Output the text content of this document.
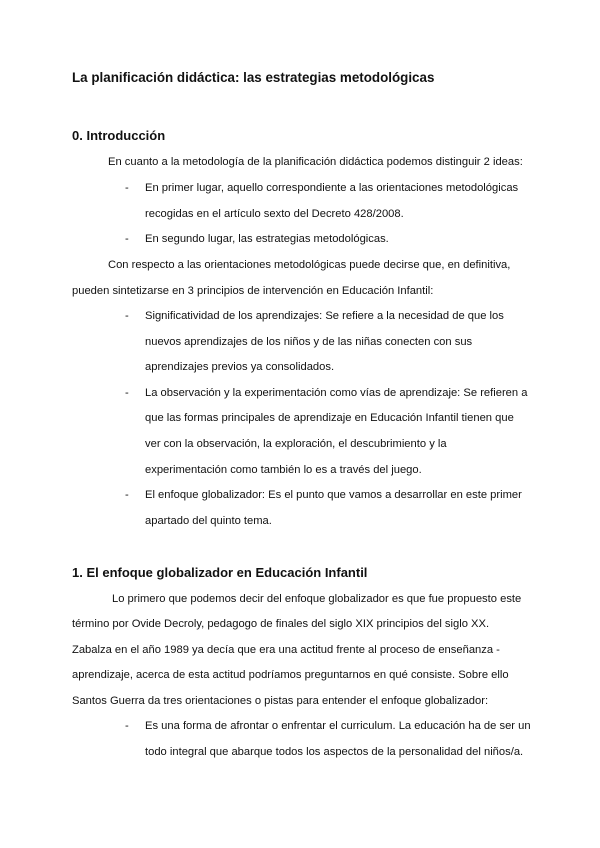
La planificación didáctica: las estrategias metodológicas
0. Introducción
En cuanto a la metodología de la planificación didáctica podemos distinguir 2 ideas:
- En primer lugar, aquello correspondiente a las orientaciones metodológicas
recogidas en el artículo sexto del Decreto 428/2008.
- En segundo lugar, las estrategias metodológicas.
Con respecto a las orientaciones metodológicas puede decirse que, en definitiva,
pueden sintetizarse en 3 principios de intervención en Educación Infantil:
- Significatividad de los aprendizajes: Se refiere a la necesidad de que los
nuevos aprendizajes de los niños y de las niñas conecten con sus
aprendizajes previos ya consolidados.
- La observación y la experimentación como vías de aprendizaje: Se refieren a
que las formas principales de aprendizaje en Educación Infantil tienen que
ver con la observación, la exploración, el descubrimiento y la
experimentación como también lo es a través del juego.
- El enfoque globalizador: Es el punto que vamos a desarrollar en este primer
apartado del quinto tema.
1. El enfoque globalizador en Educación Infantil
Lo primero que podemos decir del enfoque globalizador es que fue propuesto este
término por Ovide Decroly, pedagogo de finales del siglo XIX principios del siglo XX.
Zabalza en el año 1989 ya decía que era una actitud frente al proceso de enseñanza -
aprendizaje, acerca de esta actitud podríamos preguntarnos en qué consiste. Sobre ello
Santos Guerra da tres orientaciones o pistas para entender el enfoque globalizador:
- Es una forma de afrontar o enfrentar el curriculum. La educación ha de ser un
todo integral que abarque todos los aspectos de la personalidad del niños/a.
